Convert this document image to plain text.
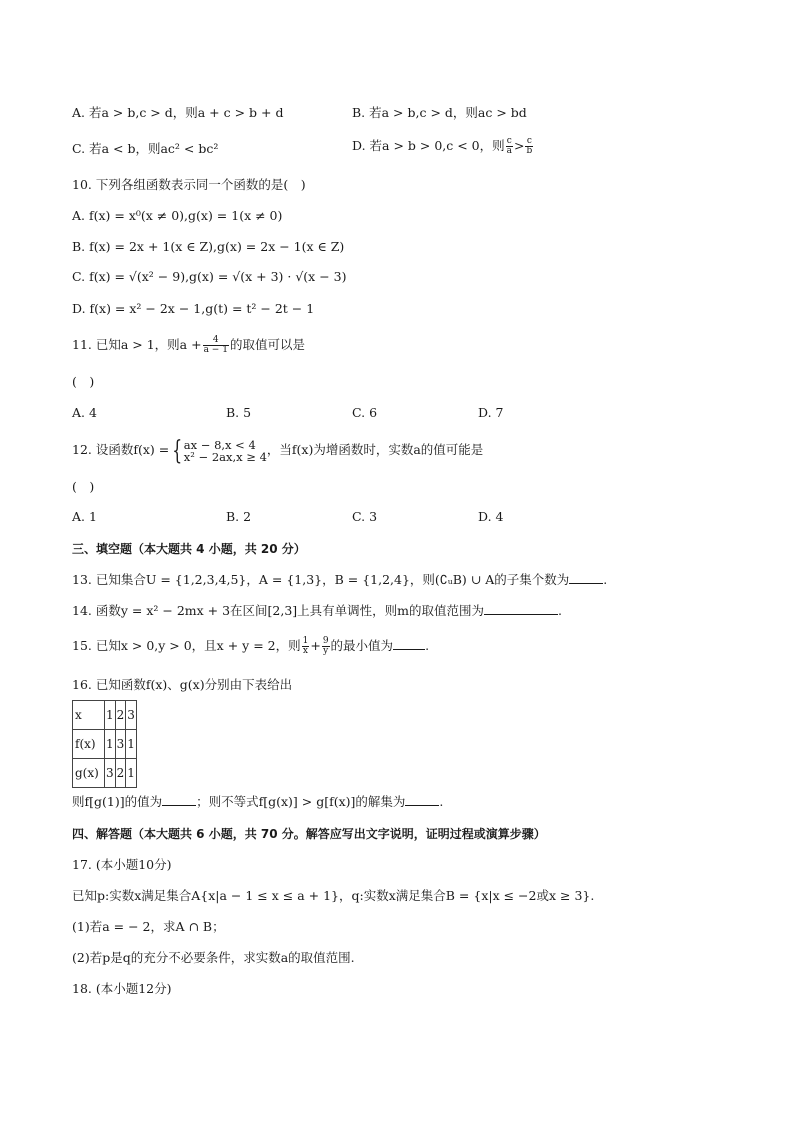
A. 若a > b,c > d，则a + c > b + d	B. 若a > b,c > d，则ac > bd
C. 若a < b，则ac² < bc²	D. 若a > b > 0,c < 0，则 $\frac{c}{a} > \frac{c}{b}$
10. 下列各组函数表示同一个函数的是(　)
A. f(x) = x⁰(x ≠ 0),g(x) = 1(x ≠ 0)
B. f(x) = 2x + 1(x ∈ Z),g(x) = 2x − 1(x ∈ Z)
C. f(x) = √(x² − 9),g(x) = √(x + 3) · √(x − 3)
D. f(x) = x² − 2x − 1,g(t) = t² − 2t − 1
11. 已知a > 1，则$a + \frac{4}{a - 1}$ 的取值可以是
(　)
A. 4	B. 5	C. 6	D. 7
12. 设函数f(x) = { ax − 8,x < 4
x² − 2ax,x ≥ 4 ，当f(x)为增函数时，实数a的值可能是
(　)
A. 1	B. 2	C. 3	D. 4
三、填空题（本大题共 4 小题，共 20 分）
13. 已知集合U = {1,2,3,4,5}，A = {1,3}，B = {1,2,4}，则(∁ᵤB) ∪ A的子集个数为	.
14. 函数y = x² − 2mx + 3在区间[2,3]上具有单调性，则m的取值范围为	.
15. 已知x > 0,y > 0，且x + y = 2，则 $\frac{1}{x} + \frac{9}{y}$ 的最小值为	.
16. 已知函数f(x)、g(x)分别由下表给出
x	1	2	3
f(x)	1	3	1
g(x)	3	2	1
则f[g(1)]的值为	；则不等式f[g(x)] > g[f(x)]的解集为	.
四、解答题（本大题共 6 小题，共 70 分。解答应写出文字说明，证明过程或演算步骤）
17. (本小题10分)
已知p:实数x满足集合A{x|a − 1 ≤ x ≤ a + 1}，q:实数x满足集合B = {x|x ≤ −2或x ≥ 3}.
(1)若a = − 2，求A ∩ B；
(2)若p是q的充分不必要条件，求实数a的取值范围.
18. (本小题12分)
